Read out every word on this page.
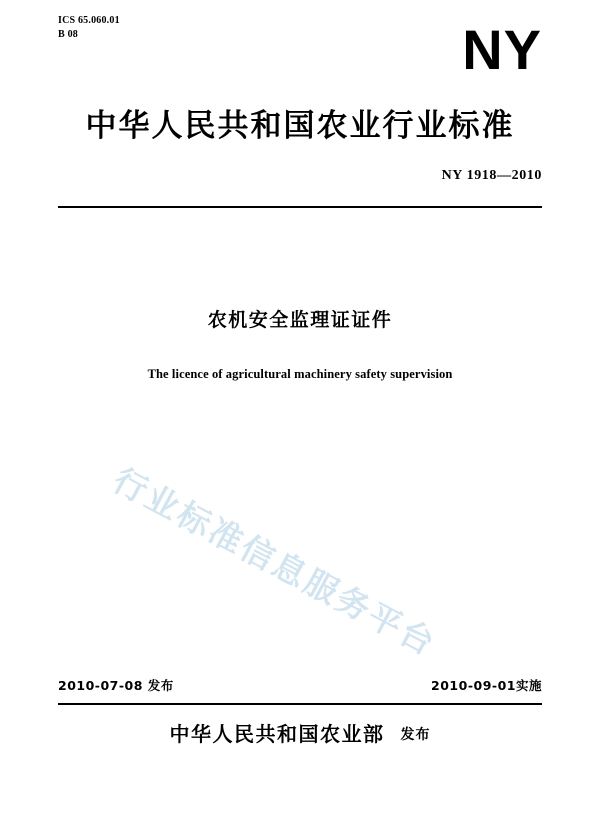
ICS 65.060.01
B 08	NY
中华人民共和国农业行业标准
NY 1918—2010
农机安全监理证证件
The licence of agricultural machinery safety supervision
行业标准信息服务平台
2010-07-08 发布	2010-09-01实施
中华人民共和国农业部 发布
